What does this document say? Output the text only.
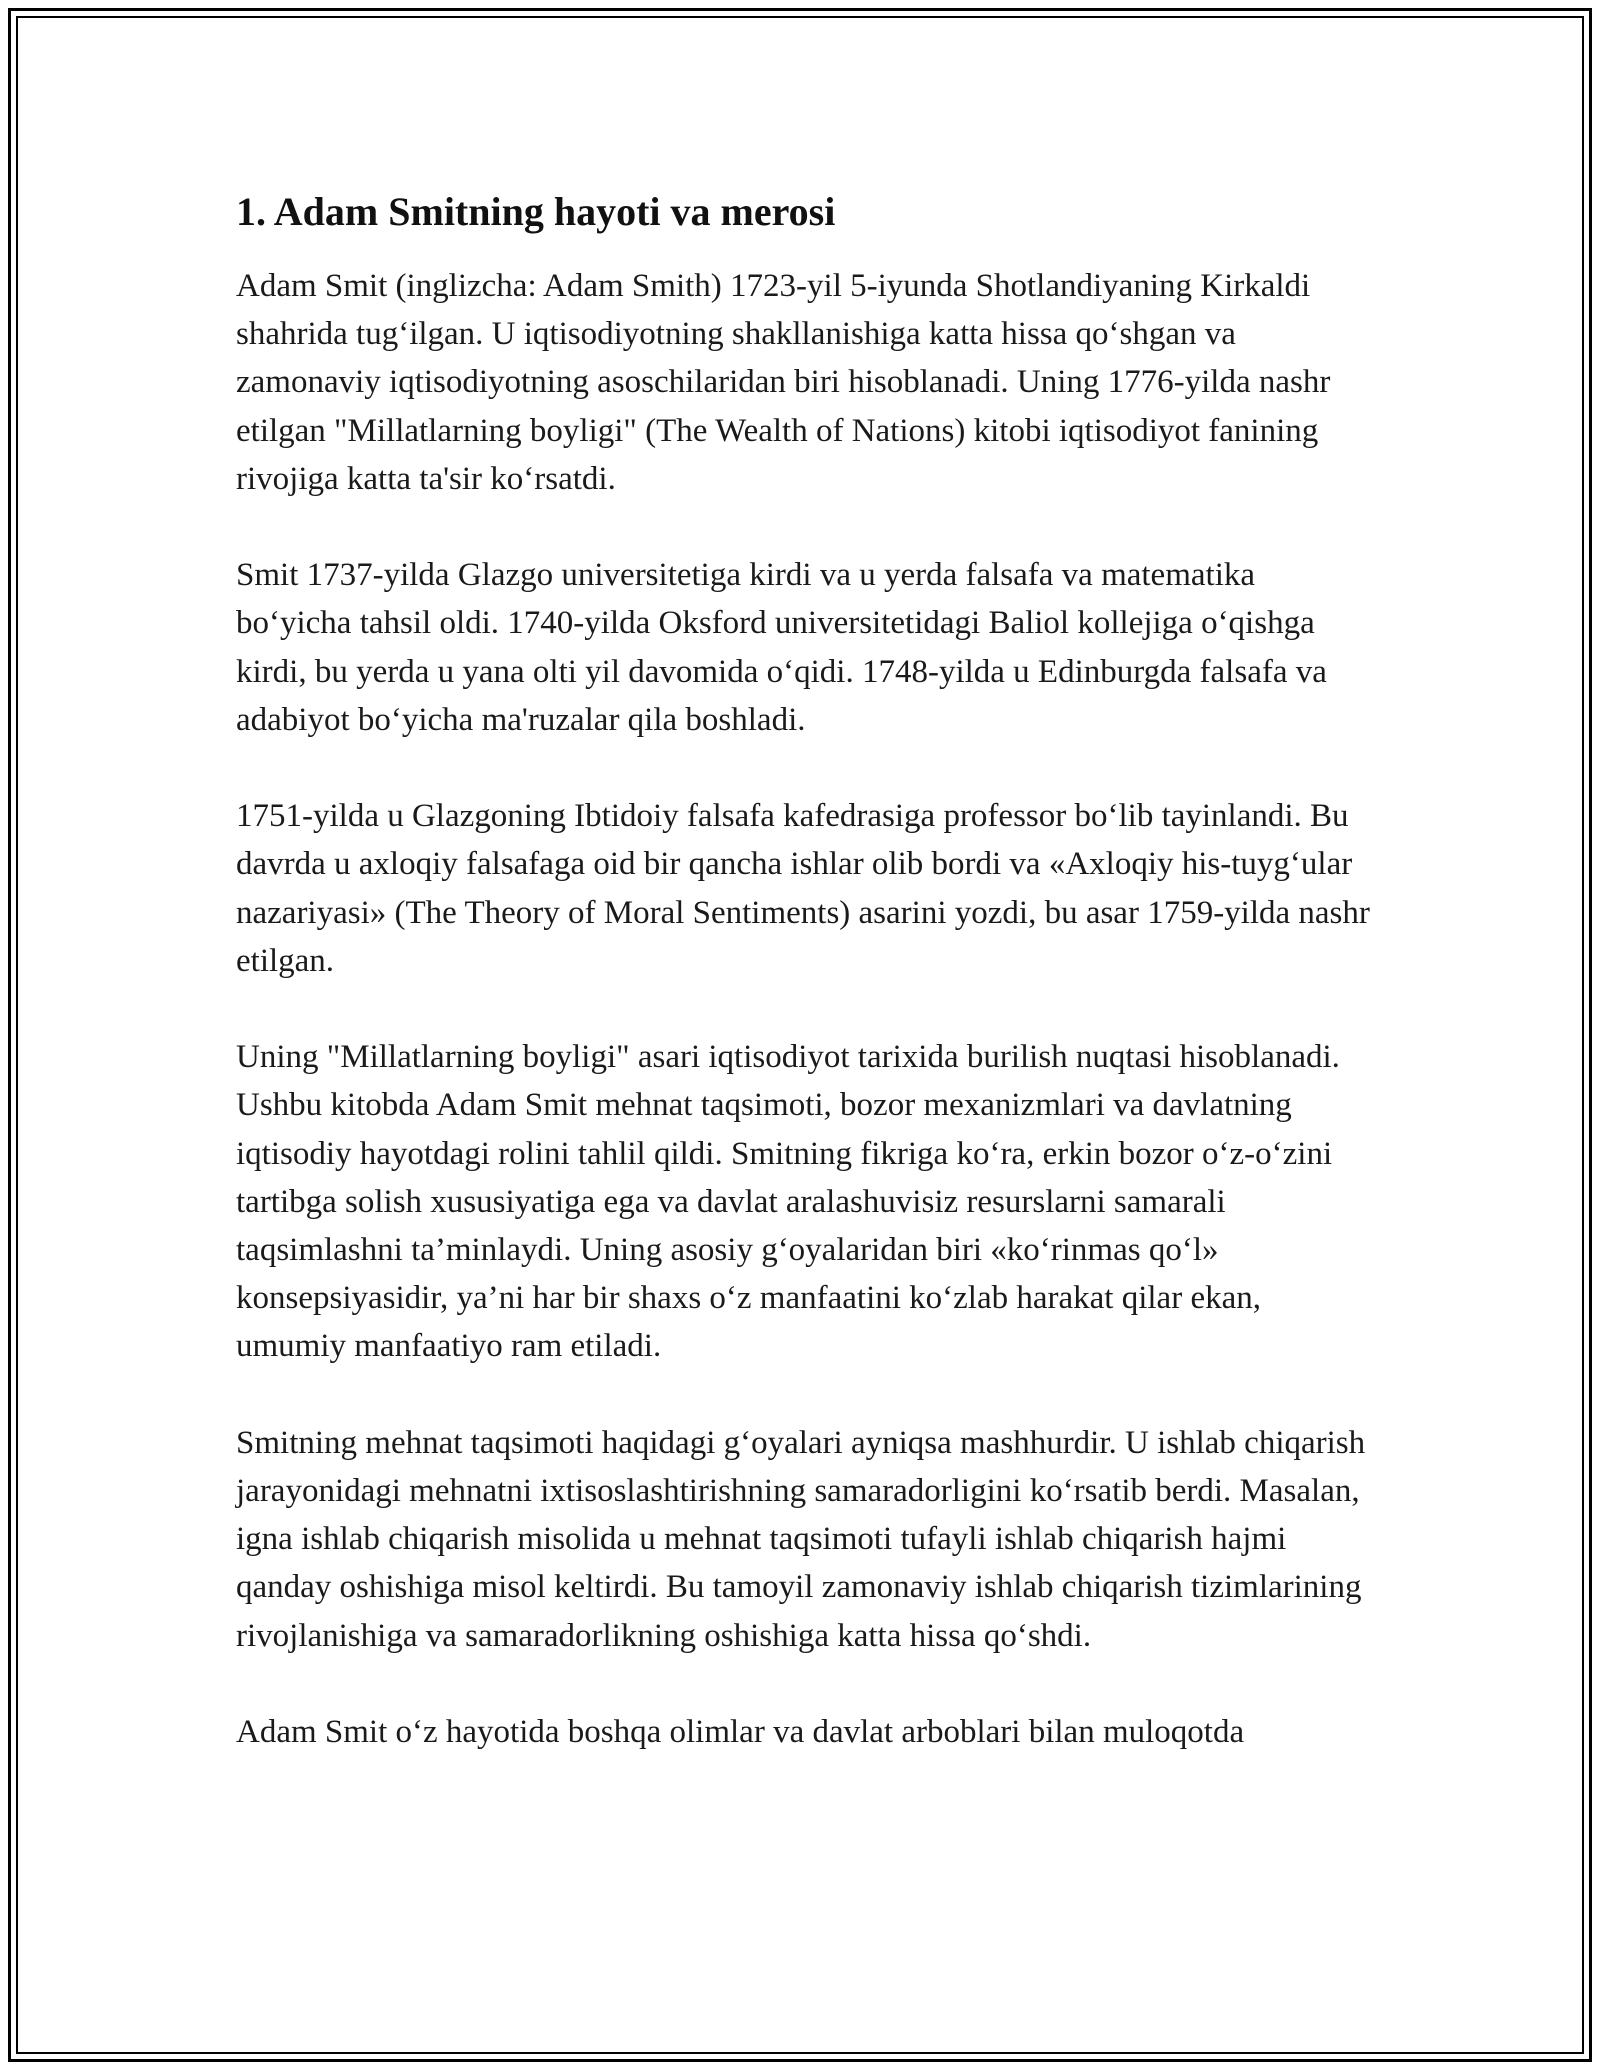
1. Adam Smitning hayoti va merosi

Adam Smit (inglizcha: Adam Smith) 1723-yil 5-iyunda Shotlandiyaning Kirkaldi shahrida tug‘ilgan. U iqtisodiyotning shakllanishiga katta hissa qo‘shgan va zamonaviy iqtisodiyotning asoschilaridan biri hisoblanadi. Uning 1776-yilda nashr etilgan "Millatlarning boyligi" (The Wealth of Nations) kitobi iqtisodiyot fanining rivojiga katta ta'sir ko‘rsatdi.

Smit 1737-yilda Glazgo universitetiga kirdi va u yerda falsafa va matematika bo‘yicha tahsil oldi. 1740-yilda Oksford universitetidagi Baliol kollejiga o‘qishga kirdi, bu yerda u yana olti yil davomida o‘qidi. 1748-yilda u Edinburgda falsafa va adabiyot bo‘yicha ma'ruzalar qila boshladi.

1751-yilda u Glazgoning Ibtidoiy falsafa kafedrasiga professor bo‘lib tayinlandi. Bu davrda u axloqiy falsafaga oid bir qancha ishlar olib bordi va «Axloqiy his-tuyg‘ular nazariyasi» (The Theory of Moral Sentiments) asarini yozdi, bu asar 1759-yilda nashr etilgan.

Uning "Millatlarning boyligi" asari iqtisodiyot tarixida burilish nuqtasi hisoblanadi. Ushbu kitobda Adam Smit mehnat taqsimoti, bozor mexanizmlari va davlatning iqtisodiy hayotdagi rolini tahlil qildi. Smitning fikriga ko‘ra, erkin bozor o‘z-o‘zini tartibga solish xususiyatiga ega va davlat aralashuvisiz resurslarni samarali taqsimlashni ta’minlaydi. Uning asosiy g‘oyalaridan biri «ko‘rinmas qo‘l» konsepsiyasidir, ya’ni har bir shaxs o‘z manfaatini ko‘zlab harakat qilar ekan, umumiy manfaatiyo ram etiladi.

Smitning mehnat taqsimoti haqidagi g‘oyalari ayniqsa mashhurdir. U ishlab chiqarish jarayonidagi mehnatni ixtisoslashtirishning samaradorligini ko‘rsatib berdi. Masalan, igna ishlab chiqarish misolida u mehnat taqsimoti tufayli ishlab chiqarish hajmi qanday oshishiga misol keltirdi. Bu tamoyil zamonaviy ishlab chiqarish tizimlarining rivojlanishiga va samaradorlikning oshishiga katta hissa qo‘shdi.

Adam Smit o‘z hayotida boshqa olimlar va davlat arboblari bilan muloqotda
